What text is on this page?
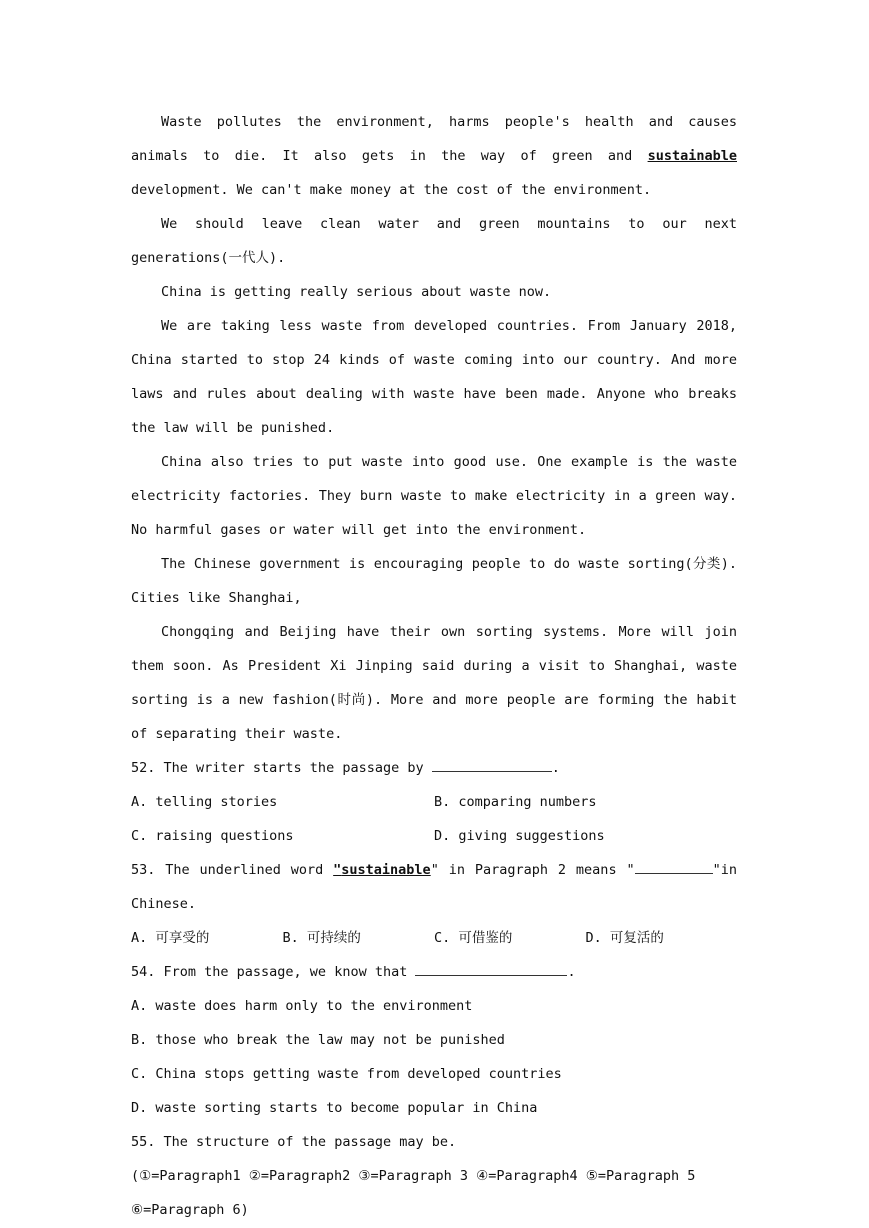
Waste pollutes the environment, harms people's health and causes animals to die. It also gets in the way of green and sustainable development. We can't make money at the cost of the environment.

We should leave clean water and green mountains to our next generations(一代人).

China is getting really serious about waste now.

We are taking less waste from developed countries. From January 2018, China started to stop 24 kinds of waste coming into our country. And more laws and rules about dealing with waste have been made. Anyone who breaks the law will be punished.

China also tries to put waste into good use. One example is the waste electricity factories. They burn waste to make electricity in a green way. No harmful gases or water will get into the environment.

The Chinese government is encouraging people to do waste sorting(分类). Cities like Shanghai,

Chongqing and Beijing have their own sorting systems. More will join them soon. As President Xi Jinping said during a visit to Shanghai, waste sorting is a new fashion(时尚). More and more people are forming the habit of separating their waste.

52. The writer starts the passage by	.

A. telling stories	B. comparing numbers
C. raising questions	D. giving suggestions

53. The underlined word "sustainable" in Paragraph 2 means "	"in Chinese.

A. 可享受的	B. 可持续的	C. 可借鉴的	D. 可复活的

54. From the passage, we know that	.

A. waste does harm only to the environment

B. those who break the law may not be punished

C. China stops getting waste from developed countries

D. waste sorting starts to become popular in China

55. The structure of the passage may be.

(①=Paragraph1 ②=Paragraph2 ③=Paragraph 3 ④=Paragraph4 ⑤=Paragraph 5

⑥=Paragraph 6)
